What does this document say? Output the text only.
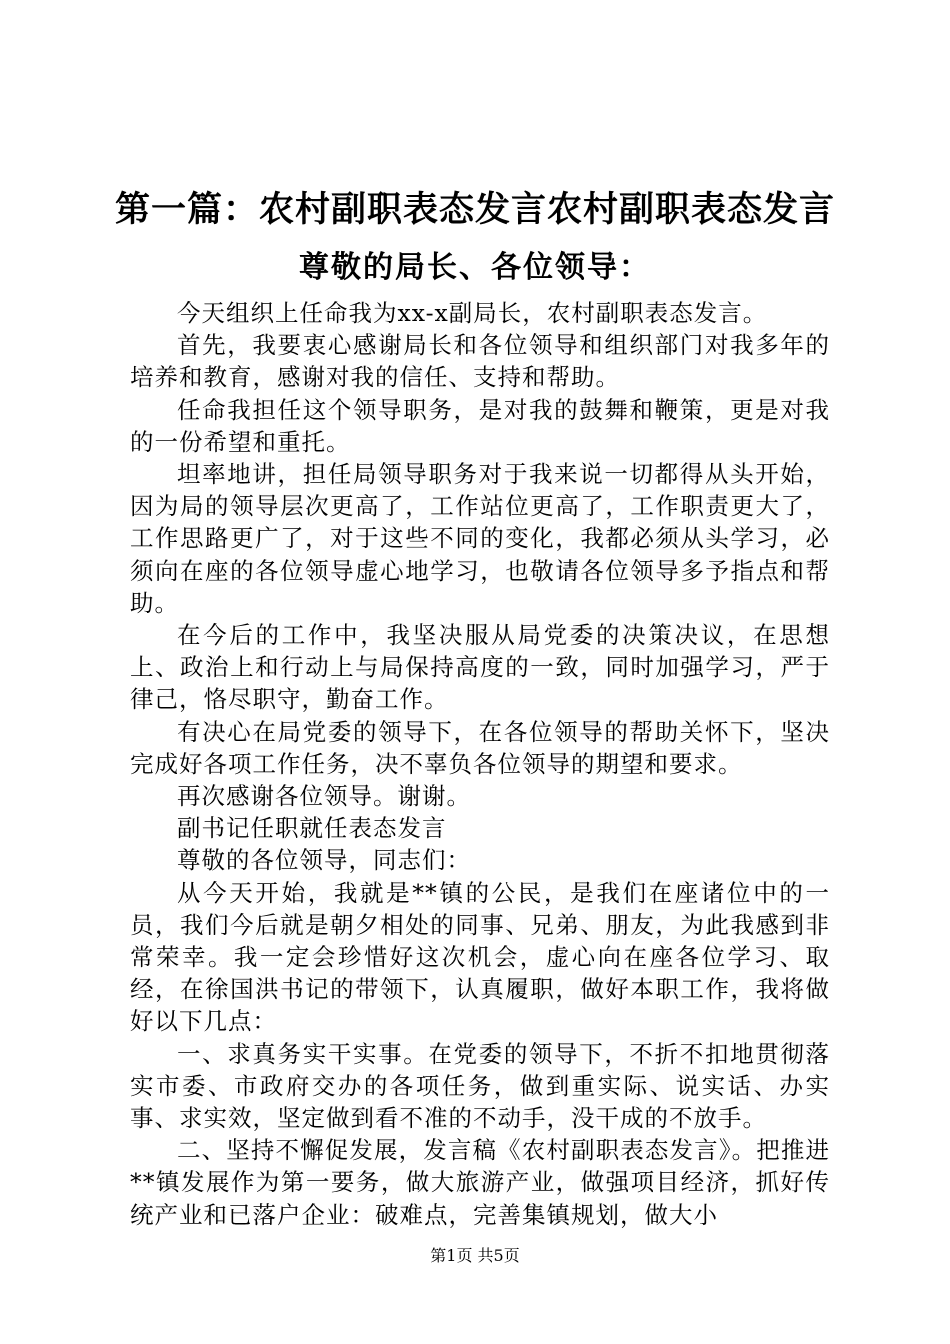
第一篇：农村副职表态发言农村副职表态发言
尊敬的局长、各位领导：

今天组织上任命我为xx-x副局长，农村副职表态发言。

首先，我要衷心感谢局长和各位领导和组织部门对我多年的培养和教育，感谢对我的信任、支持和帮助。

任命我担任这个领导职务，是对我的鼓舞和鞭策，更是对我的一份希望和重托。

坦率地讲，担任局领导职务对于我来说一切都得从头开始，因为局的领导层次更高了，工作站位更高了，工作职责更大了，工作思路更广了，对于这些不同的变化，我都必须从头学习，必须向在座的各位领导虚心地学习，也敬请各位领导多予指点和帮助。

在今后的工作中，我坚决服从局党委的决策决议，在思想上、政治上和行动上与局保持高度的一致，同时加强学习，严于律己，恪尽职守，勤奋工作。

有决心在局党委的领导下，在各位领导的帮助关怀下，坚决完成好各项工作任务，决不辜负各位领导的期望和要求。

再次感谢各位领导。谢谢。

副书记任职就任表态发言

尊敬的各位领导，同志们：

从今天开始，我就是**镇的公民，是我们在座诸位中的一员，我们今后就是朝夕相处的同事、兄弟、朋友，为此我感到非常荣幸。我一定会珍惜好这次机会，虚心向在座各位学习、取经，在徐国洪书记的带领下，认真履职，做好本职工作，我将做好以下几点：

一、求真务实干实事。在党委的领导下，不折不扣地贯彻落实市委、市政府交办的各项任务，做到重实际、说实话、办实事、求实效，坚定做到看不准的不动手，没干成的不放手。

二、坚持不懈促发展，发言稿《农村副职表态发言》。把推进**镇发展作为第一要务，做大旅游产业，做强项目经济，抓好传统产业和已落户企业：破难点，完善集镇规划，做大小

第1页 共5页
